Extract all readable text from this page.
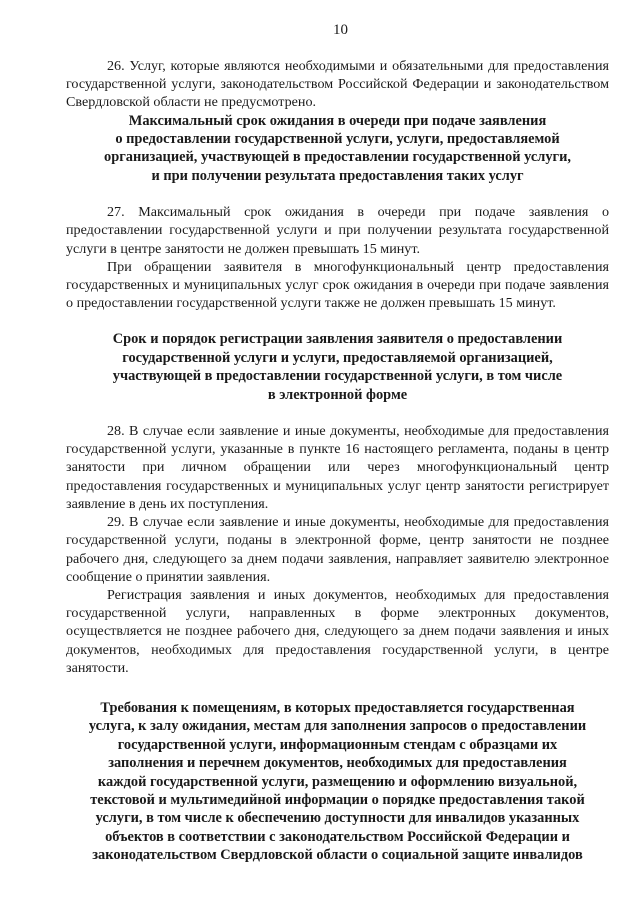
10

26. Услуг, которые являются необходимыми и обязательными для предоставления государственной услуги, законодательством Российской Федерации и законодательством Свердловской области не предусмотрено.

Максимальный срок ожидания в очереди при подаче заявления
о предоставлении государственной услуги, услуги, предоставляемой
организацией, участвующей в предоставлении государственной услуги,
и при получении результата предоставления таких услуг

27. Максимальный срок ожидания в очереди при подаче заявления о предоставлении государственной услуги и при получении результата государственной услуги в центре занятости не должен превышать 15 минут.

При обращении заявителя в многофункциональный центр предоставления государственных и муниципальных услуг срок ожидания в очереди при подаче заявления о предоставлении государственной услуги также не должен превышать 15 минут.

Срок и порядок регистрации заявления заявителя о предоставлении
государственной услуги и услуги, предоставляемой организацией,
участвующей в предоставлении государственной услуги, в том числе
в электронной форме

28. В случае если заявление и иные документы, необходимые для предоставления государственной услуги, указанные в пункте 16 настоящего регламента, поданы в центр занятости при личном обращении или через многофункциональный центр предоставления государственных и муниципальных услуг центр занятости регистрирует заявление в день их поступления.

29. В случае если заявление и иные документы, необходимые для предоставления государственной услуги, поданы в электронной форме, центр занятости не позднее рабочего дня, следующего за днем подачи заявления, направляет заявителю электронное сообщение о принятии заявления.

Регистрация заявления и иных документов, необходимых для предоставления государственной услуги, направленных в форме электронных документов, осуществляется не позднее рабочего дня, следующего за днем подачи заявления и иных документов, необходимых для предоставления государственной услуги, в центре занятости.

Требования к помещениям, в которых предоставляется государственная
услуга, к залу ожидания, местам для заполнения запросов о предоставлении
государственной услуги, информационным стендам с образцами их
заполнения и перечнем документов, необходимых для предоставления
каждой государственной услуги, размещению и оформлению визуальной,
текстовой и мультимедийной информации о порядке предоставления такой
услуги, в том числе к обеспечению доступности для инвалидов указанных
объектов в соответствии с законодательством Российской Федерации и
законодательством Свердловской области о социальной защите инвалидов
